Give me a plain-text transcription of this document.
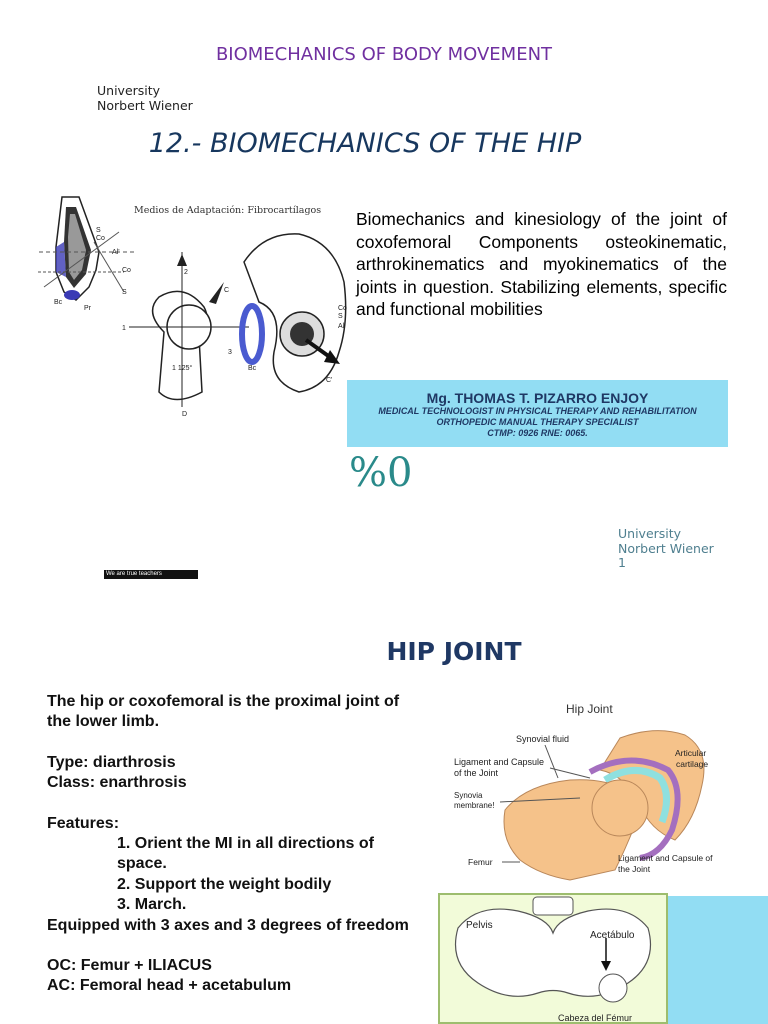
BIOMECHANICS OF BODY MOVEMENT
University
Norbert Wiener
12.- BIOMECHANICS OF THE HIP
Medios de Adaptación: Fibrocartílagos
S
Co
Al'
Bc
Pr
S
Co	2
C
1
3
Co
S
Al'
Bc
C'
1 125°
D
Biomechanics and kinesiology of the joint of coxofemoral Components osteokinematic, arthrokinematics and myokinematics of the joints in question. Stabilizing elements, specific and functional mobilities
Mg. THOMAS T. PIZARRO ENJOY
MEDICAL TECHNOLOGIST IN PHYSICAL THERAPY AND REHABILITATION
ORTHOPEDIC MANUAL THERAPY SPECIALIST
CTMP: 0926 RNE: 0065.
%0
University
Norbert Wiener
1
We are true teachers
HIP JOINT

The hip or coxofemoral is the proximal joint of the lower limb.

Type: diarthrosis

Class: enarthrosis

Features:

1. Orient the MI in all directions of space.

2. Support the weight bodily

3. March.

Equipped with 3 axes and 3 degrees of freedom

OC: Femur + ILIACUS

AC: Femoral head + acetabulum

Hip Joint
Synovial fluid
Articular
cartilage
Ligament and Capsule
of the Joint
Synovia
membrane!
Femur	Ligament and Capsule of
the Joint
Pelvis
Acetábulo
Cabeza del Fémur
